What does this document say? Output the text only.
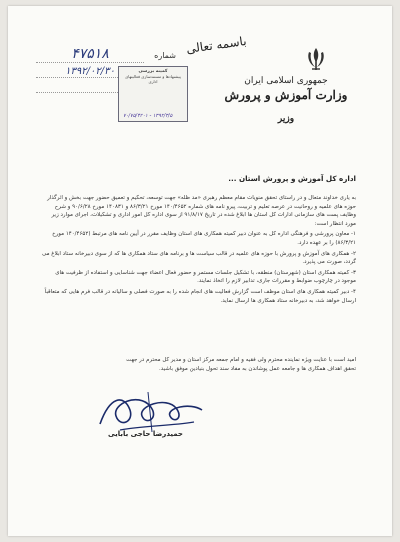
جمهوری اسلامی ایران
وزارت آموزش و پرورش
وزیر
باسمه تعالی
شماره
۴۷۵۱۸
۱۳۹۲/۰۲/۳۰	کمیته بررسی
پیشنهادها و مستندسازی فعالیتهای اداری
۷۰/۷۵/۴۲۰۱ - ۱۳۹۲/۳/۵
اداره کل آموزش و پرورش استان ...

به یاری خداوند متعال و در راستای تحقق منویات مقام معظم رهبری «مد ظله» جهت توسعه، تحکیم و تعمیق حضور جهت بخش و اثرگذار حوزه های علمیه و روحانیت در عرصه تعلیم و تربیت، پیرو نامه های شماره ۱۴۰/۴۶۵۲ مورخ ۸۶/۳/۲۱ و ۱۴۰۸۳۱ مورخ ۹۰/۶/۲۸ و شرح وظایف پست های سازمانی ادارات کل استان ها ابلاغ شده در تاریخ ۹۱/۸/۱۷ از سوی اداره کل امور اداری و تشکیلات، اجرای موارد زیر مورد انتظار است:

۱- معاون پرورشی و فرهنگی اداره کل به عنوان دبیر کمیته همکاری های استان وظایف مقرر در آیین نامه های مرتبط (۱۴۰/۴۶۵۲ مورخ ۸۶/۳/۲۱) را بر عهده دارد.

۲- همکاری های آموزش و پرورش با حوزه های علمیه در قالب سیاست ها و برنامه های ستاد همکاری ها که از سوی دبیرخانه ستاد ابلاغ می گردد، صورت می پذیرد.

۳- کمیته همکاری استان (شهرستان) منطقه، با تشکیل جلسات مستمر و حضور فعال اعضاء جهت شناسایی و استفاده از ظرفیت های موجود در چارچوب ضوابط و مقررات جاری، تدابیر لازم را اتخاذ نمایند.

۴- دبیر کمیته همکاری های استان موظف است گزارش فعالیت های انجام شده را به صورت فصلی و سالیانه در قالب فرم هایی که متعاقباً ارسال خواهد شد، به دبیرخانه ستاد همکاری ها ارسال نماید.

امید است با عنایت ویژه نماینده محترم ولی فقیه و امام جمعه مرکز استان و مدیر کل محترم در جهت

تحقق اهداف همکاری ها و جامعه عمل پوشاندن به مفاد سند تحول بنیادین موفق باشید.

حمیدرضا حاجی بابایی
